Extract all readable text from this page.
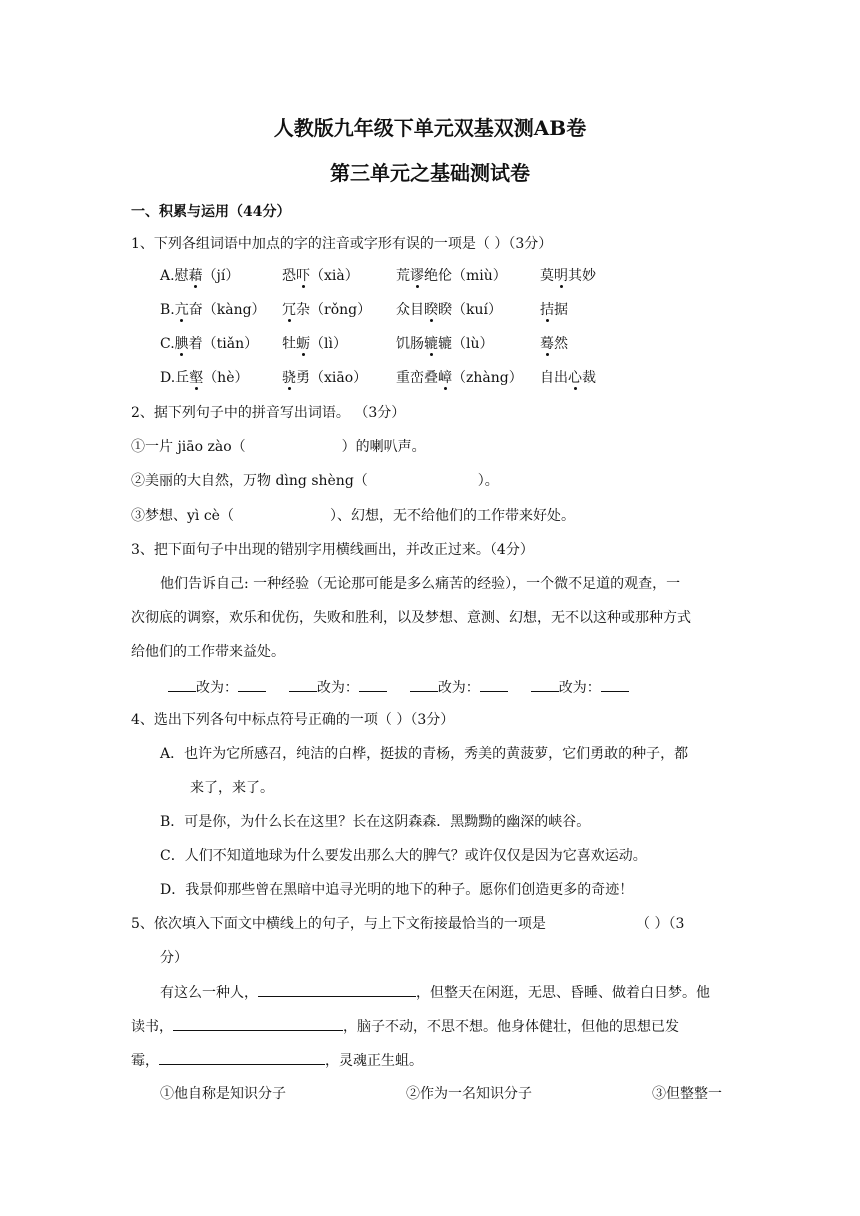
人教版九年级下单元双基双测AB卷
第三单元之基础测试卷
一、积累与运用（44分）
1、下列各组词语中加点的字的注音或字形有误的一项是（ ）（3分）
A.慰藉（jí）	恐吓（xià）	荒谬绝伦（miù） 莫明其妙
B.亢奋（kàng） 冗杂（rǒng） 众目睽睽（kuí）	拮据
C.腆着（tiǎn） 牡蛎（lì）	饥肠辘辘（lù）	蓦然
D.丘壑（hè） 骁勇（xiāo） 重峦叠嶂（zhàng） 自出心裁
2、据下列句子中的拼音写出词语。 （3分）
①一片 jiāo zào（	）的喇叭声。
②美丽的大自然，万物 dìng shèng（	）。
③梦想、yì cè（	）、幻想，无不给他们的工作带来好处。
3、把下面句子中出现的错别字用横线画出，并改正过来。（4分）
他们告诉自己: 一种经验（无论那可能是多么痛苦的经验），一个微不足道的观查，一
次彻底的调察，欢乐和优伤，失败和胜利，以及梦想、意测、幻想，无不以这种或那种方式
给他们的工作带来益处。
改为：	改为：	改为：	改为：
4、选出下列各句中标点符号正确的一项（ ）（3分）
A．也许为它所感召，纯洁的白桦，挺拔的青杨，秀美的黄菠萝，它们勇敢的种子，都
来了，来了。
B．可是你，为什么长在这里？长在这阴森森．黑黝黝的幽深的峡谷。
C．人们不知道地球为什么要发出那么大的脾气？或许仅仅是因为它喜欢运动。
D．我景仰那些曾在黑暗中追寻光明的地下的种子。愿你们创造更多的奇迹！
5、依次填入下面文中横线上的句子，与上下文衔接最恰当的一项是	（ ）（3
分）
有这么一种人，	，但整天在闲逛，无思、昏睡、做着白日梦。他
读书，	，脑子不动，不思不想。他身体健壮，但他的思想已发
霉，	，灵魂正生蛆。
①他自称是知识分子	②作为一名知识分子	③但整整一
